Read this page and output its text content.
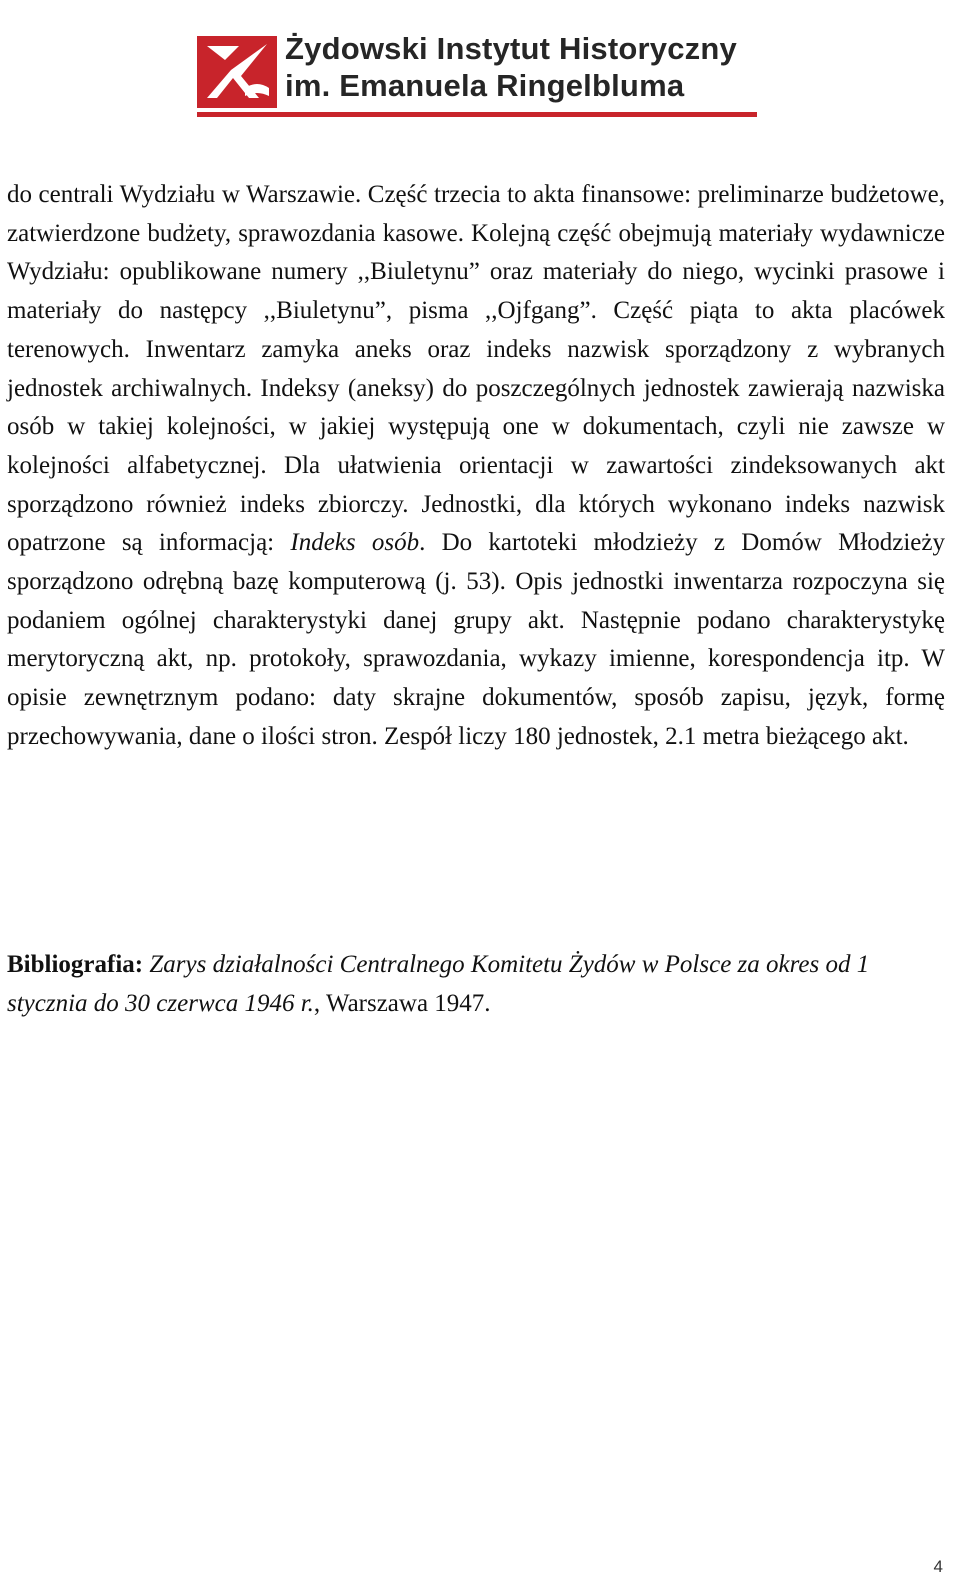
Żydowski Instytut Historyczny
im. Emanuela Ringelbluma

do centrali Wydziału w Warszawie. Część trzecia to akta finansowe: preliminarze budżetowe, zatwierdzone budżety, sprawozdania kasowe. Kolejną część obejmują materiały wydawnicze Wydziału: opublikowane numery ,,Biuletynu” oraz materiały do niego, wycinki prasowe i materiały do następcy ,,Biuletynu”, pisma ,,Ojfgang”. Część piąta to akta placówek terenowych. Inwentarz zamyka aneks oraz indeks nazwisk sporządzony z wybranych jednostek archiwalnych. Indeksy (aneksy) do poszczególnych jednostek zawierają nazwiska osób w takiej kolejności, w jakiej występują one w dokumentach, czyli nie zawsze w kolejności alfabetycznej. Dla ułatwienia orientacji w zawartości zindeksowanych akt sporządzono również indeks zbiorczy. Jednostki, dla których wykonano indeks nazwisk opatrzone są informacją: Indeks osób. Do kartoteki młodzieży z Domów Młodzieży sporządzono odrębną bazę komputerową (j. 53). Opis jednostki inwentarza rozpoczyna się podaniem ogólnej charakterystyki danej grupy akt. Następnie podano charakterystykę merytoryczną akt, np. protokoły, sprawozdania, wykazy imienne, korespondencja itp. W opisie zewnętrznym podano: daty skrajne dokumentów, sposób zapisu, język, formę przechowywania, dane o ilości stron. Zespół liczy 180 jednostek, 2.1 metra bieżącego akt.

Bibliografia: Zarys działalności Centralnego Komitetu Żydów w Polsce za okres od 1 stycznia do 30 czerwca 1946 r., Warszawa 1947.

4
